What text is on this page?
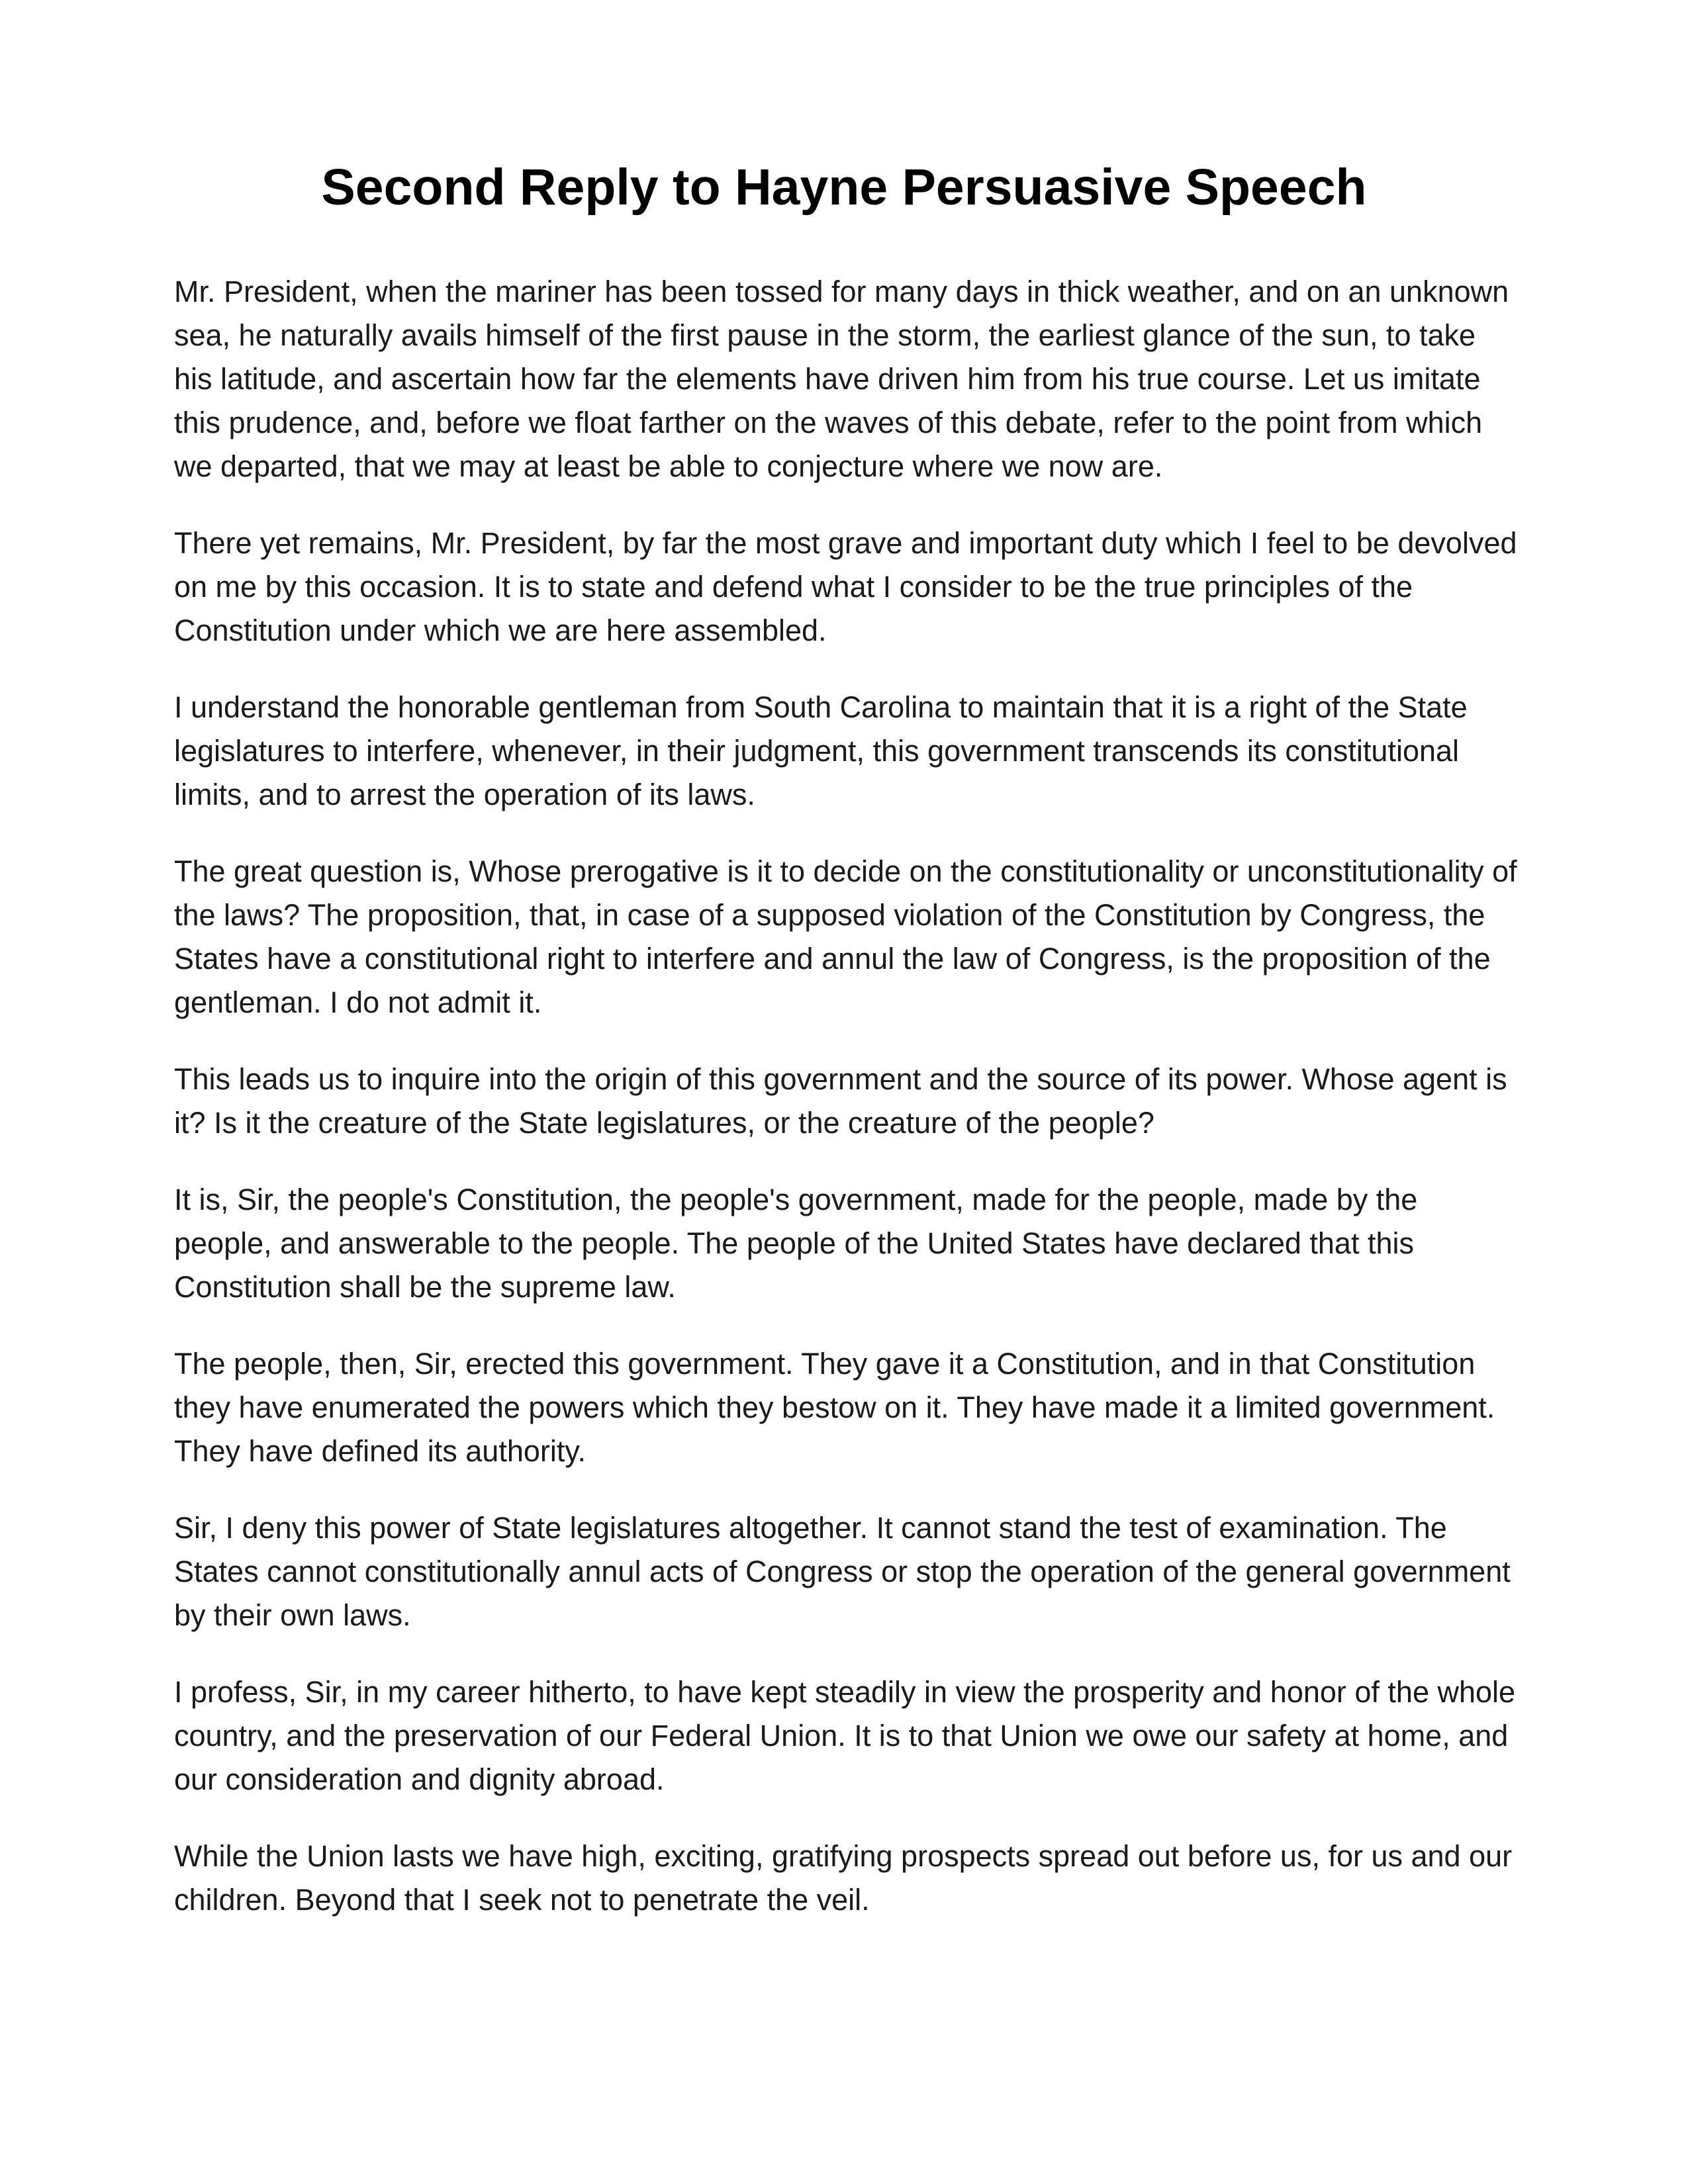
Second Reply to Hayne Persuasive Speech

Mr. President, when the mariner has been tossed for many days in thick weather, and on an unknown sea, he naturally avails himself of the first pause in the storm, the earliest glance of the sun, to take his latitude, and ascertain how far the elements have driven him from his true course. Let us imitate this prudence, and, before we float farther on the waves of this debate, refer to the point from which we departed, that we may at least be able to conjecture where we now are.

There yet remains, Mr. President, by far the most grave and important duty which I feel to be devolved on me by this occasion. It is to state and defend what I consider to be the true principles of the Constitution under which we are here assembled.

I understand the honorable gentleman from South Carolina to maintain that it is a right of the State legislatures to interfere, whenever, in their judgment, this government transcends its constitutional limits, and to arrest the operation of its laws.

The great question is, Whose prerogative is it to decide on the constitutionality or unconstitutionality of the laws? The proposition, that, in case of a supposed violation of the Constitution by Congress, the States have a constitutional right to interfere and annul the law of Congress, is the proposition of the gentleman. I do not admit it.

This leads us to inquire into the origin of this government and the source of its power. Whose agent is it? Is it the creature of the State legislatures, or the creature of the people?

It is, Sir, the people's Constitution, the people's government, made for the people, made by the people, and answerable to the people. The people of the United States have declared that this Constitution shall be the supreme law.

The people, then, Sir, erected this government. They gave it a Constitution, and in that Constitution they have enumerated the powers which they bestow on it. They have made it a limited government. They have defined its authority.

Sir, I deny this power of State legislatures altogether. It cannot stand the test of examination. The States cannot constitutionally annul acts of Congress or stop the operation of the general government by their own laws.

I profess, Sir, in my career hitherto, to have kept steadily in view the prosperity and honor of the whole country, and the preservation of our Federal Union. It is to that Union we owe our safety at home, and our consideration and dignity abroad.

While the Union lasts we have high, exciting, gratifying prospects spread out before us, for us and our children. Beyond that I seek not to penetrate the veil.
